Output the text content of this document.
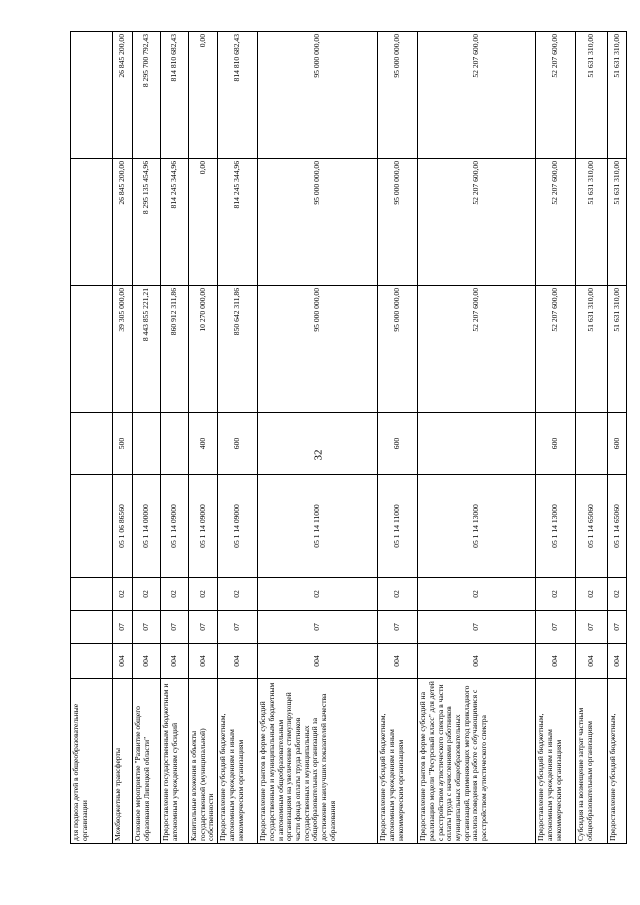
32
для подвоза детей в общеобразовательные организации								
Межбюджетные трансферты	004	07	02	05 1 06 86560	500	39 305 000,00	26 845 200,00	26 845 200,00
Основное мероприятие "Развитие общего образования Липецкой области"	004	07	02	05 1 14 00000		8 443 855 221,21	8 295 135 454,96	8 295 700 792,43
Предоставление государственным бюджетным и автономным учреждениям субсидий	004	07	02	05 1 14 09000		860 912 311,86	814 245 344,96	814 810 682,43
Капитальные вложения в объекты государственной (муниципальной) собственности	004	07	02	05 1 14 09000	400	10 270 000,00	0,00	0,00
Предоставление субсидий бюджетным, автономным учреждениям и иным некоммерческим организациям	004	07	02	05 1 14 09000	600	850 642 311,86	814 245 344,96	814 810 682,43
Предоставление грантов в форме субсидий государственным и муниципальным бюджетным и автономным общеобразовательным организациям на увеличение стимулирующей части фонда оплаты труда работников государственных и муниципальных общеобразовательных организаций за достижение наилучших показателей качества образования	004	07	02	05 1 14 11000		95 000 000,00	95 000 000,00	95 000 000,00
Предоставление субсидий бюджетным, автономным учреждениям и иным некоммерческим организациям	004	07	02	05 1 14 11000	600	95 000 000,00	95 000 000,00	95 000 000,00
Предоставление грантов в форме субсидий на реализацию модели "Ресурсный класс" для детей с расстройством аутистического спектра в части оплаты труда с начислениями работников муниципальных общеобразовательных организаций, применяющих метод прикладного анализа поведения в работе с обучающимися с расстройством аутистического спектра	004	07	02	05 1 14 13000		52 207 600,00	52 207 600,00	52 207 600,00
Предоставление субсидий бюджетным, автономным учреждениям и иным некоммерческим организациям	004	07	02	05 1 14 13000	600	52 207 600,00	52 207 600,00	52 207 600,00
Субсидия на возмещение затрат частным общеобразовательным организациям	004	07	02	05 1 14 65060		51 631 310,00	51 631 310,00	51 631 310,00
Предоставление субсидий бюджетным,	004	07	02	05 1 14 65060	600	51 631 310,00	51 631 310,00	51 631 310,00
